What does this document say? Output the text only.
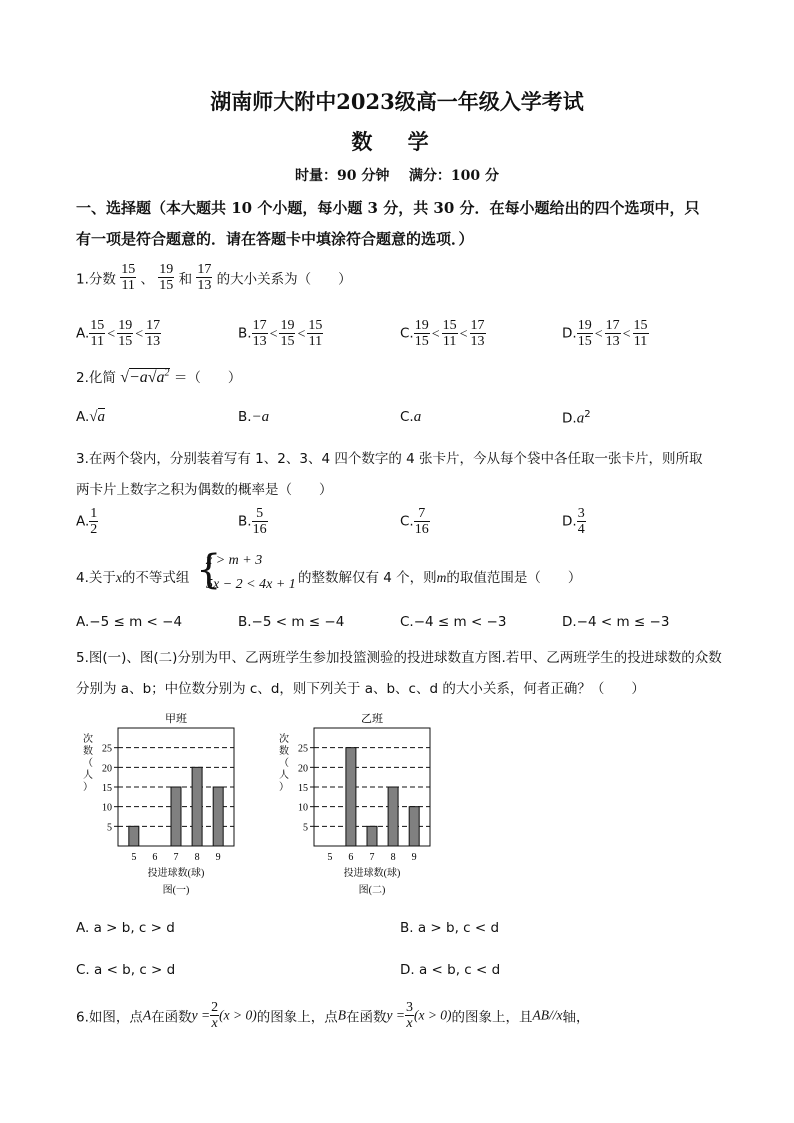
湖南师大附中2023级高一年级入学考试
数 学
时量：90 分钟    满分：100 分
一、选择题（本大题共 10 个小题，每小题 3 分，共 30 分．在每小题给出的四个选项中，只
有一项是符合题意的．请在答题卡中填涂符合题意的选项．）
1.分数 $\frac{15}{11}$ 、 $\frac{19}{15}$ 和 $\frac{17}{13}$ 的大小关系为（　　）
A. $\frac{15}{11} < \frac{19}{15} < \frac{17}{13}$	B. $\frac{17}{13} < \frac{19}{15} < \frac{15}{11}$	C. $\frac{19}{15} < \frac{15}{11} < \frac{17}{13}$	D. $\frac{19}{15} < \frac{17}{13} < \frac{15}{11}$
2.化简 $√-a√a^2$ ＝（　　）
A.√a	B.−a	C.a	$D.a^2$
3.在两个袋内，分别装着写有 1、2、3、4 四个数字的 4 张卡片，今从每个袋中各任取一张卡片，则所取
两卡片上数字之积为偶数的概率是（　　）
A. $\frac{1}{2}$	B. $\frac{5}{16}$	C. $\frac{7}{16}$	D. $\frac{3}{4}$
4.关于x的不等式组 {
x > m + 3
5x − 2 < 4x + 1 的整数解仅有 4 个，则m的取值范围是（　　）
A.−5 ≤ m < −4	B.−5 < m ≤ −4	C.−4 ≤ m < −3	D.−4 < m ≤ −3
5.图(一)、图(二)分别为甲、乙两班学生参加投篮测验的投进球数直方图.若甲、乙两班学生的投进球数的众数
分别为 a、b；中位数分别为 c、d，则下列关于 a、b、c、d 的大小关系，何者正确？（　　）
甲班
次
数
（
人
）
5
10
15
20
25
5 6 7 8 9
投进球数(球)
图(一)
乙班
次
数
（
人
）
5
10
15
20
25
5 6 7 8 9
投进球数(球)
图(二)
A. a > b, c > d	B. a > b, c < d
C. a < b, c > d	D. a < b, c < d
6.如图，点A在函数$y = \frac{2}{x} (x > 0)$的图象上，点B在函数$y = \frac{3}{x} (x > 0)$的图象上，且AB//x轴，
